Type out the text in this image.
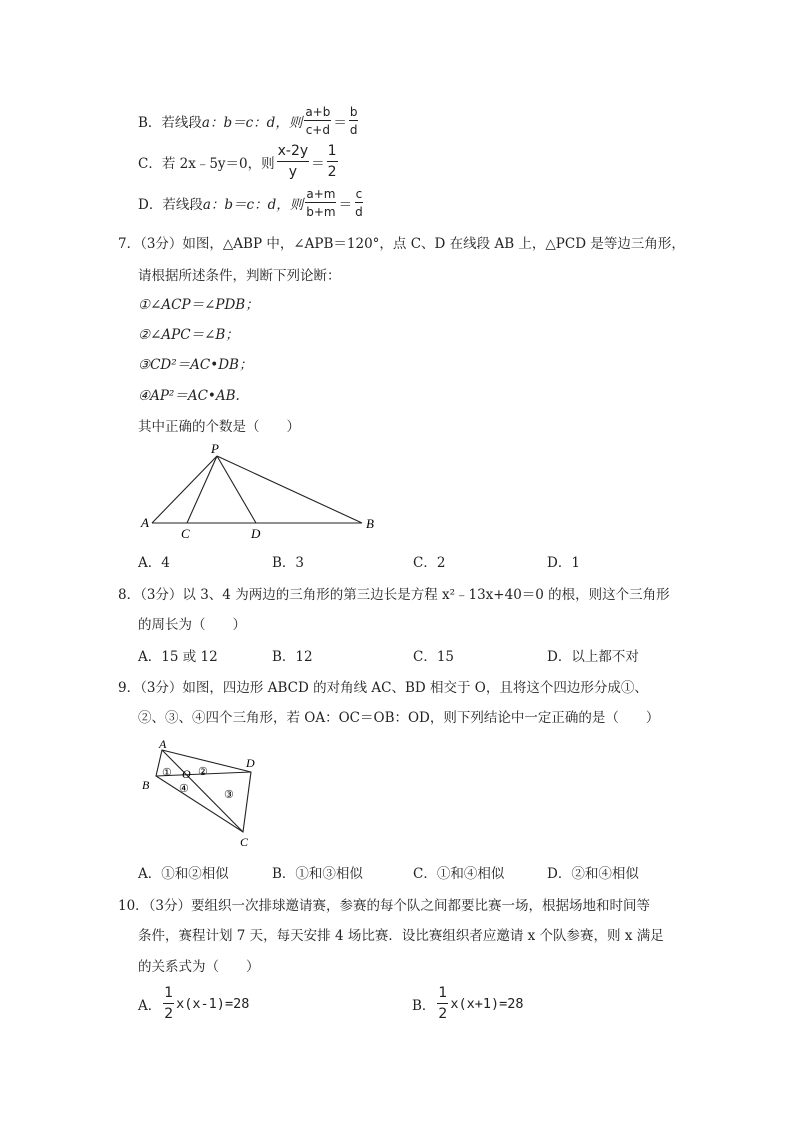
B．若线段 a：b＝c：d，则 $\frac{a+b}{c+d} = \frac{b}{d}$
C．若 2x﹣5y＝0，则 $\frac{x-2y}{y} = \frac{1}{2}$
D．若线段 a：b＝c：d，则 $\frac{a+m}{b+m} = \frac{c}{d}$
7．（3分）如图，△ABP 中，∠APB＝120°，点 C、D 在线段 AB 上，△PCD 是等边三角形，
请根据所述条件，判断下列论断：
①∠ACP＝∠PDB；
②∠APC＝∠B；
③CD²＝AC•DB；
④AP²＝AC•AB.
其中正确的个数是（　　）
P
A
C	D
B
A．4	B．3	C．2	D．1
8．（3分）以 3、4 为两边的三角形的第三边长是方程 x²﹣13x+40＝0 的根，则这个三角形
的周长为（　　）
A．15 或 12	B．12	C．15	D．以上都不对
9．（3分）如图，四边形 ABCD 的对角线 AC、BD 相交于 O，且将这个四边形分成①、
②、③、④四个三角形，若 OA：OC＝OB：OD，则下列结论中一定正确的是（　　）
A
B
C
D
O
① ②
③
④
A．①和②相似	B．①和③相似	C．①和④相似	D．②和④相似
10．（3分）要组织一次排球邀请赛，参赛的每个队之间都要比赛一场，根据场地和时间等
条件，赛程计划 7 天，每天安排 4 场比赛．设比赛组织者应邀请 x 个队参赛，则 x 满足
的关系式为（　　）
A． $\frac{1}{2} x(x-1)=28$	B． $\frac{1}{2} x(x+1)=28$
